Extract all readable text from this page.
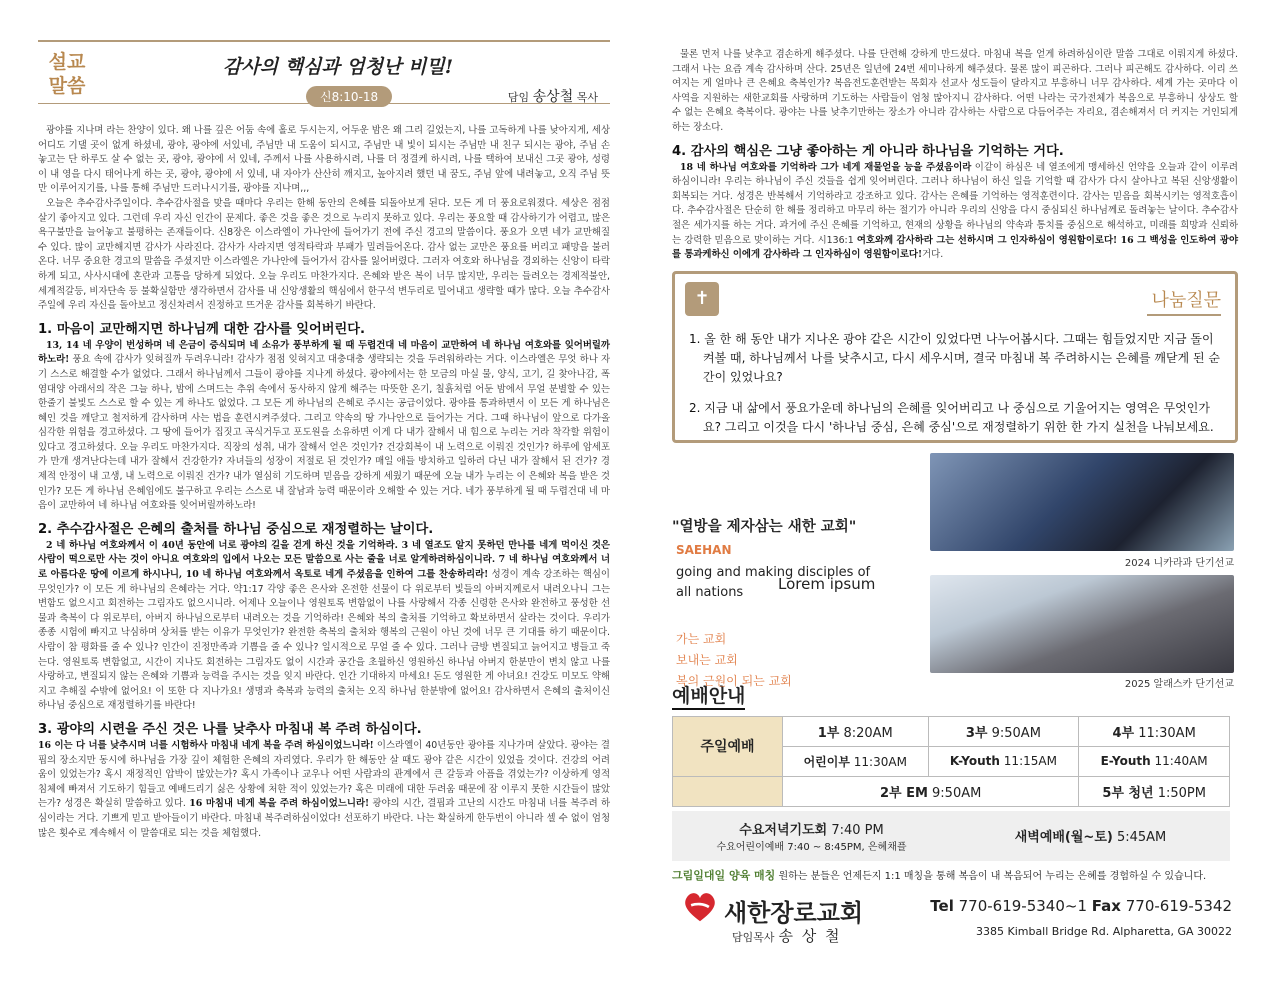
설교
말씀
감사의 핵심과 엄청난 비밀!
신8:10-18	담임 송상철 목사

광야를 지나며 라는 찬양이 있다. 왜 나를 깊은 어둠 속에 홀로 두시는지, 어두운 밤은 왜 그리 길었는지, 나를 고독하게 나를 낮아지게, 세상 어디도 기댈 곳이 없게 하셨네, 광야, 광야에 서있네, 주님만 내 도움이 되시고, 주님만 내 빛이 되시는 주님만 내 친구 되시는 광야, 주님 손 놓고는 단 하루도 살 수 없는 곳, 광야, 광야에 서 있네, 주께서 나를 사용하시려, 나를 더 정결케 하시려, 나를 택하여 보내신 그곳 광야, 성령이 내 영을 다시 태어나게 하는 곳, 광야, 광야에 서 있네, 내 자아가 산산히 깨지고, 높아지려 했던 내 꿈도, 주님 앞에 내려놓고, 오직 주님 뜻만 이루어지기를, 나를 통해 주님만 드러나시기를, 광야를 지나며,,,

오늘은 추수감사주일이다. 추수감사절을 맞을 때마다 우리는 한해 동안의 은혜를 되돌아보게 된다. 모든 게 더 풍요로워졌다. 세상은 점점 살기 좋아지고 있다. 그런데 우리 자신 인간이 문제다. 좋은 것을 좋은 것으로 누리지 못하고 있다. 우리는 풍요할 때 감사하기가 어렵고, 많은 욕구불만을 늘어놓고 불평하는 존재들이다. 신8장은 이스라엘이 가나안에 들어가기 전에 주신 경고의 말씀이다. 풍요가 오면 네가 교만해질 수 있다. 많이 교만해지면 감사가 사라진다. 감사가 사라지면 영적타락과 부패가 밀려들어온다. 감사 없는 교만은 풍요를 버리고 패망을 불러온다. 너무 중요한 경고의 말씀을 주셨지만 이스라엘은 가나안에 들어가서 감사를 잃어버렸다. 그러자 여호와 하나님을 경외하는 신앙이 타락하게 되고, 사사시대에 혼란과 고통을 당하게 되었다. 오늘 우리도 마찬가지다. 은혜와 받은 복이 너무 많지만, 우리는 들려오는 경제적불안, 세계적갈등, 비자단속 등 불확실함만 생각하면서 감사를 내 신앙생활의 핵심에서 한구석 변두리로 밀어내고 생략할 때가 많다. 오늘 추수감사주일에 우리 자신을 돌아보고 정신차려서 진정하고 뜨거운 감사를 회복하기 바란다.

1. 마음이 교만해지면 하나님께 대한 감사를 잊어버린다.

13, 14 네 우양이 번성하며 네 은금이 증식되며 네 소유가 풍부하게 될 때 두렵건대 네 마음이 교만하여 네 하나님 여호와를 잊어버릴까 하노라! 풍요 속에 감사가 잊혀질까 두려우니라! 감사가 점점 잊혀지고 대충대충 생략되는 것을 두려워하라는 거다. 이스라엘은 무엇 하나 자기 스스로 해결할 수가 없었다. 그래서 하나님께서 그들이 광야를 지나게 하셨다. 광야에서는 한 모금의 마실 물, 양식, 고기, 길 찾아나감, 폭염대양 아래서의 작은 그늘 하나, 밤에 스며드는 추위 속에서 동사하지 않게 해주는 따뜻한 온기, 칠흙처럼 어둔 밤에서 무얼 분별할 수 있는 한줄기 불빛도 스스로 할 수 있는 게 하나도 없었다. 그 모든 게 하나님의 은혜로 주시는 공급이었다. 광야를 통과하면서 이 모든 게 하나님은혜인 것을 깨닫고 철저하게 감사하며 사는 법을 훈련시켜주셨다. 그리고 약속의 땅 가나안으로 들어가는 거다. 그때 하나님이 앞으로 다가올 심각한 위험을 경고하셨다. 그 땅에 들어가 집짓고 곡식거두고 포도원을 소유하면 이게 다 내가 잘해서 내 힘으로 누리는 거라 착각할 위험이 있다고 경고하셨다. 오늘 우리도 마찬가지다. 직장의 성취, 내가 잘해서 얻은 것인가? 건강회복이 내 노력으로 이뤄진 것인가? 하루에 암세포가 만개 생겨난다는데 내가 잘해서 건강한가? 자녀들의 성장이 저절로 된 것인가? 매일 애들 방치하고 일하러 다닌 내가 잘해서 된 건가? 경제적 안정이 내 고생, 내 노력으로 이뤄진 건가? 내가 열심히 기도하며 믿음을 강하게 세웠기 때문에 오늘 내가 누리는 이 은혜와 복을 받은 것인가? 모든 게 하나님 은혜임에도 불구하고 우리는 스스로 내 잘남과 능력 때문이라 오해할 수 있는 거다. 네가 풍부하게 될 때 두렵건대 네 마음이 교만하여 네 하나님 여호와를 잊어버릴까하노라!

2. 추수감사절은 은혜의 출처를 하나님 중심으로 재정렬하는 날이다.

2 네 하나님 여호와께서 이 40년 동안에 너로 광야의 길을 걷게 하신 것을 기억하라. 3 네 열조도 알지 못하던 만나를 네게 먹이신 것은 사람이 떡으로만 사는 것이 아니요 여호와의 입에서 나오는 모든 말씀으로 사는 줄을 너로 알게하려하심이니라. 7 네 하나님 여호와께서 너로 아름다운 땅에 이르게 하시나니, 10 네 하나님 여호와께서 옥토로 네게 주셨음을 인하여 그를 찬송하리라! 성경이 계속 강조하는 핵심이 무엇인가? 이 모든 게 하나님의 은혜라는 거다. 약1:17 각양 좋은 은사와 온전한 선물이 다 위로부터 빛들의 아버지께로서 내려오나니 그는 변함도 없으시고 회전하는 그림자도 없으시니라. 어제나 오늘이나 영원토록 변함없이 나를 사랑해서 각종 신령한 은사와 완전하고 풍성한 선물과 축복이 다 위로부터, 아버지 하나님으로부터 내려오는 것을 기억하라! 은혜와 복의 출처를 기억하고 확보하면서 살라는 것이다. 우리가 종종 시험에 빠지고 낙심하며 상처를 받는 이유가 무엇인가? 완전한 축복의 출처와 행복의 근원이 아닌 것에 너무 큰 기대를 하기 때문이다. 사람이 참 평화를 줄 수 있나? 인간이 진정만족과 기쁨을 줄 수 있나? 일시적으로 무얼 줄 수 있다. 그러나 금방 변질되고 늙어지고 병들고 죽는다. 영원토록 변함없고, 시간이 지나도 회전하는 그림자도 없이 시간과 공간을 초월하신 영원하신 하나님 아버지 한분만이 변치 않고 나를 사랑하고, 변질되지 않는 은혜와 기쁨과 능력을 주시는 것을 잊지 바란다. 인간 기대하지 마세요! 돈도 영원한 게 아녀요! 건강도 미모도 약해지고 추해질 수밖에 없어요! 이 또한 다 지나가요! 생명과 축복과 능력의 출처는 오직 하나님 한분밖에 없어요! 감사하면서 은혜의 출처이신 하나님 중심으로 재정렬하기를 바란다!

3. 광야의 시련을 주신 것은 나를 낮추사 마침내 복 주려 하심이다.

16 이는 다 너를 낮추시며 너를 시험하사 마침내 네게 복을 주려 하심이었느니라! 이스라엘이 40년동안 광야를 지나가며 살았다. 광야는 결핍의 장소지만 동시에 하나님을 가장 깊이 체험한 은혜의 자리였다. 우리가 한 해동안 살 때도 광야 같은 시간이 있었을 것이다. 건강의 어려움이 있었는가? 혹시 재정적인 압박이 많았는가? 혹시 가족이나 교우나 어떤 사람과의 관계에서 큰 갈등과 아픔을 겪었는가? 이상하게 영적침체에 빠져서 기도하기 힘들고 예배드리기 싫은 상황에 처한 적이 있었는가? 혹은 미래에 대한 두려움 때문에 잠 이루지 못한 시간들이 많았는가? 성경은 확실히 말씀하고 있다. 16 마침내 네게 복을 주려 하심이었느니라! 광야의 시간, 결핍과 고난의 시간도 마침내 너를 복주려 하심이라는 거다. 기쁘게 믿고 받아들이기 바란다. 마침내 복주려하심이었다! 선포하기 바란다. 나는 확실하게 한두번이 아니라 셀 수 없이 엄청 많은 횟수로 계속해서 이 말씀대로 되는 것을 체험했다.

물론 먼저 나를 낮추고 겸손하게 해주셨다. 나를 단련해 강하게 만드셨다. 마침내 복을 얻게 하려하심이란 말씀 그대로 이뤄지게 하셨다. 그래서 나는 요즘 계속 감사하며 산다. 25년은 일년에 24번 세미나하게 해주셨다. 물론 많이 피곤하다. 그러나 피곤해도 감사하다. 이리 쓰여지는 게 얼마나 큰 은혜요 축복인가? 복음전도훈련받는 목회자 선교사 성도들이 달라지고 부흥하니 너무 감사하다. 세계 가는 곳마다 이 사역을 지원하는 새한교회를 사랑하며 기도하는 사람들이 엄청 많아지니 감사하다. 어떤 나라는 국가전체가 복음으로 부흥하니 상상도 할 수 없는 은혜요 축복이다. 광야는 나를 낮추기만하는 장소가 아니라 감사하는 사람으로 다듬어주는 자리요, 겸손해져서 더 커지는 거인되게 하는 장소다.

4. 감사의 핵심은 그냥 좋아하는 게 아니라 하나님을 기억하는 거다.

18 네 하나님 여호와를 기억하라 그가 네게 재물얻을 능을 주셨음이라 이같이 하심은 네 열조에게 맹세하신 언약을 오늘과 같이 이루려하심이니라! 우리는 하나님이 주신 것들을 쉽게 잊어버린다. 그러나 하나님이 하신 일을 기억할 때 감사가 다시 살아나고 복된 신앙생활이 회복되는 거다. 성경은 반복해서 기억하라고 강조하고 있다. 감사는 은혜를 기억하는 영적훈련이다. 감사는 믿음을 회복시키는 영적호흡이다. 추수감사절은 단순히 한 해를 정리하고 마무리 하는 절기가 아니라 우리의 신앙을 다시 중심되신 하나님께로 돌려놓는 날이다. 추수감사절은 세가지를 하는 거다. 과거에 주신 은혜를 기억하고, 현재의 상황을 하나님의 약속과 통치를 중심으로 해석하고, 미래를 희망과 신뢰하는 강력한 믿음으로 맞이하는 거다. 시136:1 여호와께 감사하라 그는 선하시며 그 인자하심이 영원함이로다! 16 그 백성을 인도하여 광야를 통과케하신 이에게 감사하라 그 인자하심이 영원함이로다!거다.

✝	나눔질문
1. 올 한 해 동안 내가 지나온 광야 같은 시간이 있었다면 나누어봅시다. 그때는 힘들었지만 지금 돌이켜볼 때, 하나님께서 나를 낮추시고, 다시 세우시며, 결국 마침내 복 주려하시는 은혜를 깨닫게 된 순간이 있었나요?
2. 지금 내 삶에서 풍요가운데 하나님의 은혜를 잊어버리고 나 중심으로 기울어지는 영역은 무엇인가요? 그리고 이것을 다시 '하나님 중심, 은혜 중심'으로 재정렬하기 위한 한 가지 실천을 나눠보세요.
"열방을 제자삼는 새한 교회"
SAEHAN
going and making disciples of all nations	Lorem ipsum
가는 교회
보내는 교회
복의 근원이 되는 교회
2024 니카라과 단기선교
2025 알래스카 단기선교
예배안내
주일예배	1부 8:20AM	3부 9:50AM	4부 11:30AM
	어린이부 11:30AM	K-Youth 11:15AM	E-Youth 11:40AM
	2부 EM 9:50AM		5부 청년 1:50PM
수요저녁기도회 7:40 PM
수요어린이예배 7:40 ~ 8:45PM, 은혜채플
새벽예배(월~토) 5:45AM
그림일대일 양육 매칭 원하는 분들은 언제든지 1:1 매칭을 통해 복음이 내 복음되어 누리는 은혜를 경험하실 수 있습니다.
새한장로교회
담임목사 송 상 철
Tel 770-619-5340~1 Fax 770-619-5342
3385 Kimball Bridge Rd. Alpharetta, GA 30022
